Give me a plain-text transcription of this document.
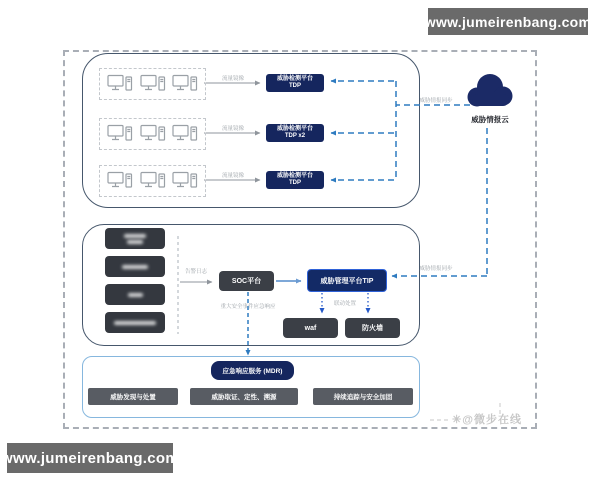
www.jumeirenbang.com
www.jumeirenbang.com
流量镜像	威胁检测平台
TDP
流量镜像	威胁检测平台
TDP x2
流量镜像	威胁检测平台
TDP
威胁情报云
威胁情报同步
威胁情报同步
告警日志
SOC平台	威胁管理平台TIP
联动处置
waf	防火墙
重大安全事件应急响应
应急响应服务 (MDR)
威胁发现与处置	威胁取证、定性、溯源	持续追踪与安全加固
✳@微步在线
